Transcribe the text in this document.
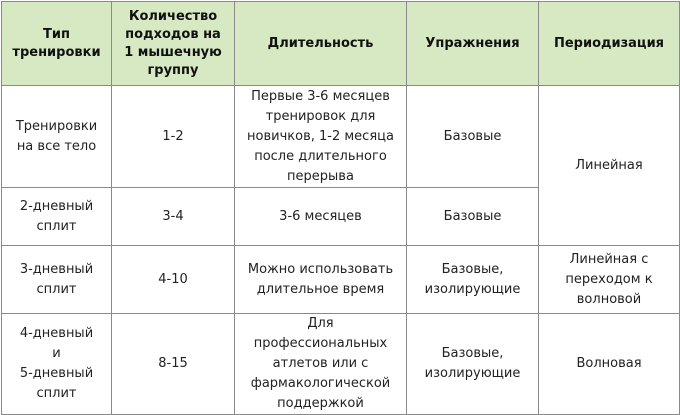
Тип
тренировки	Количество
подходов на
1 мышечную
группу	Длительность	Упражнения	Периодизация

Тренировки
на все тело	1-2	Первые 3-6 месяцев
тренировок для
новичков, 1-2 месяца
после длительного
перерыва	Базовые	Линейная

2-дневный
сплит	3-4	3-6 месяцев	Базовые	

3-дневный
сплит	4-10	Можно использовать
длительное время	Базовые,
изолирующие	Линейная с
переходом к
волновой

4-дневный
и
5-дневный
сплит	8-15	Для
профессиональных
атлетов или с
фармакологической
поддержкой	Базовые,
изолирующие	Волновая
